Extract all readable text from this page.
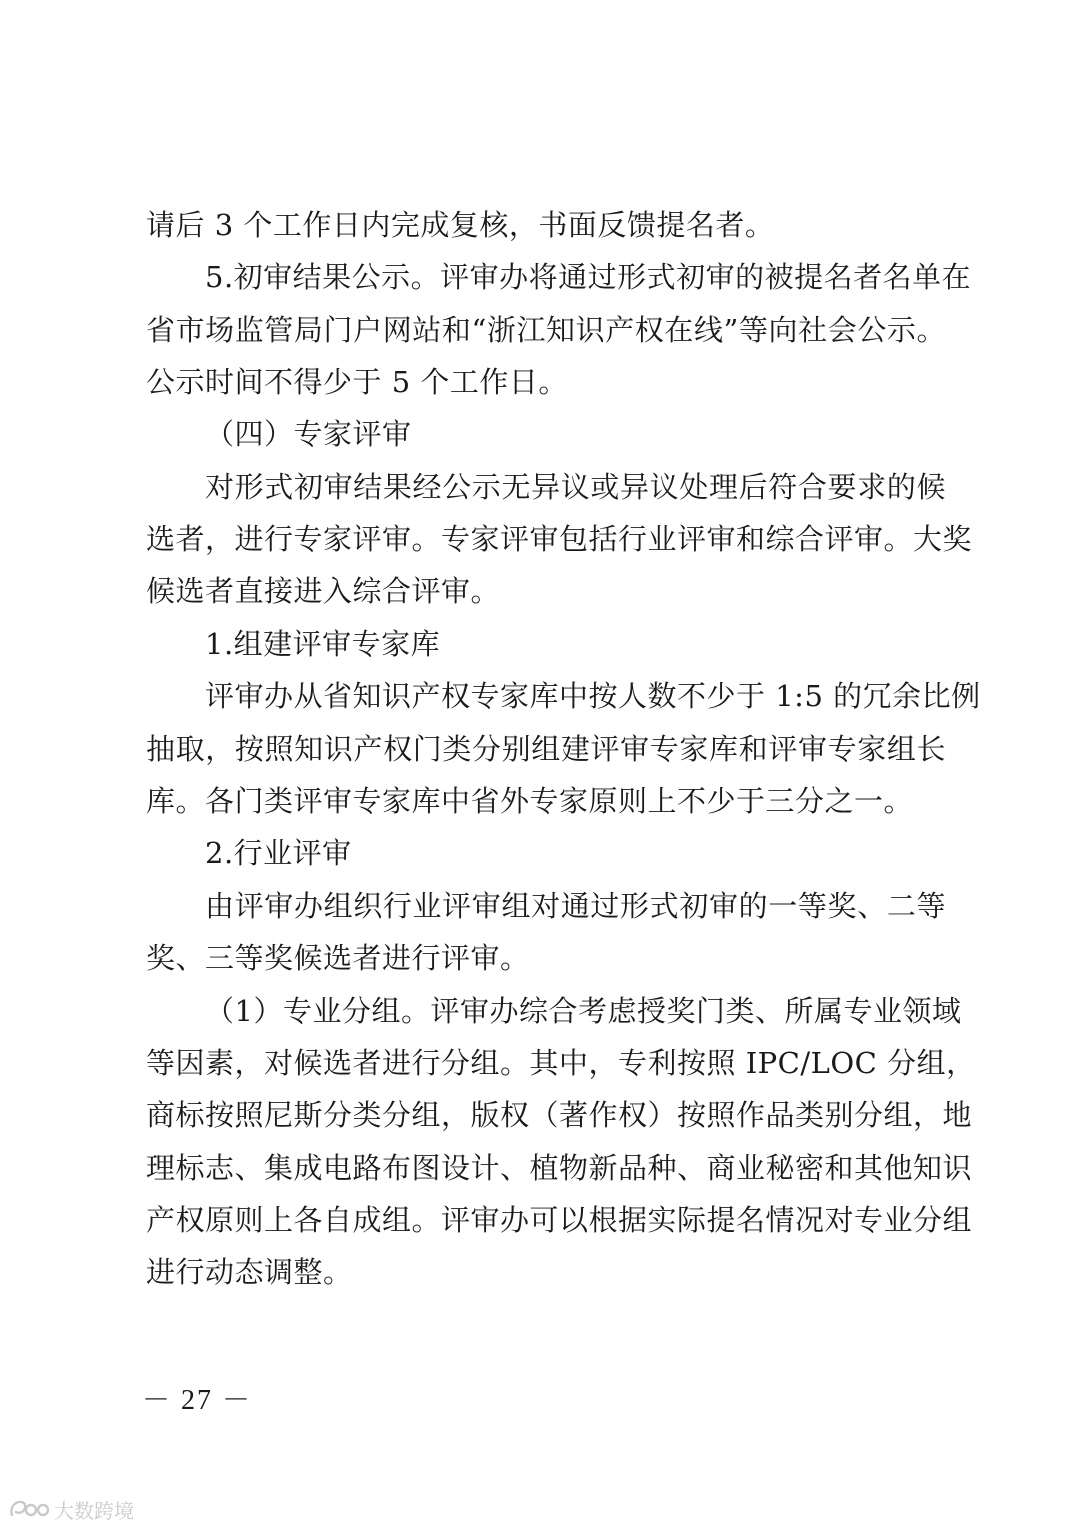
请后 3 个工作日内完成复核，书面反馈提名者。
5.初审结果公示。评审办将通过形式初审的被提名者名单在
省市场监管局门户网站和“浙江知识产权在线”等向社会公示。
公示时间不得少于 5 个工作日。
（四）专家评审
对形式初审结果经公示无异议或异议处理后符合要求的候
选者，进行专家评审。专家评审包括行业评审和综合评审。大奖
候选者直接进入综合评审。
1.组建评审专家库
评审办从省知识产权专家库中按人数不少于 1:5 的冗余比例
抽取，按照知识产权门类分别组建评审专家库和评审专家组长
库。各门类评审专家库中省外专家原则上不少于三分之一。
2.行业评审
由评审办组织行业评审组对通过形式初审的一等奖、二等
奖、三等奖候选者进行评审。
（1）专业分组。评审办综合考虑授奖门类、所属专业领域
等因素，对候选者进行分组。其中，专利按照 IPC/LOC 分组，
商标按照尼斯分类分组，版权（著作权）按照作品类别分组，地
理标志、集成电路布图设计、植物新品种、商业秘密和其他知识
产权原则上各自成组。评审办可以根据实际提名情况对专业分组
进行动态调整。
－ 27 －
大数跨境
